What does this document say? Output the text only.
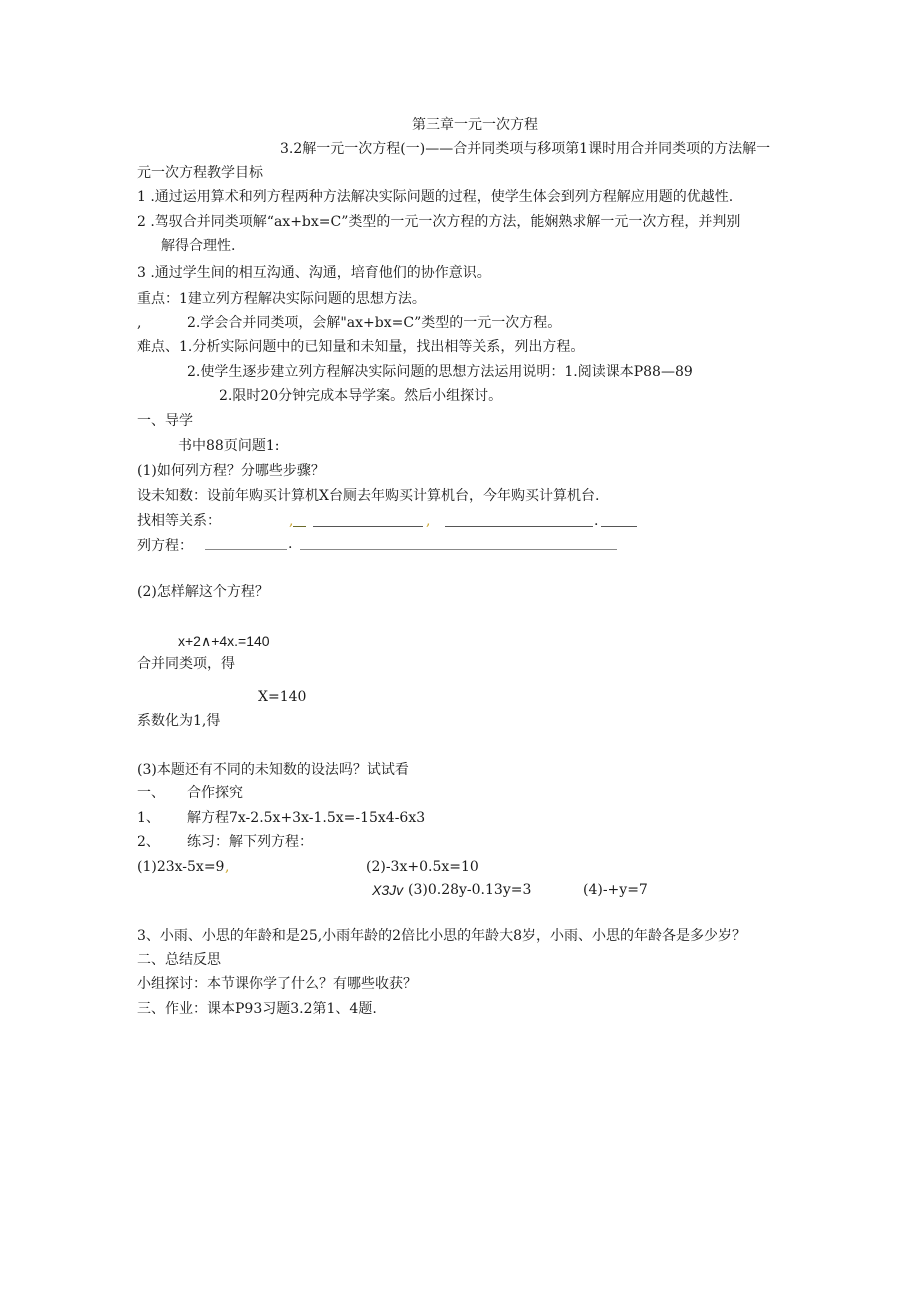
第三章一元一次方程
3.2解一元一次方程(一)——合并同类项与移项第1课时用合并同类项的方法解一
元一次方程教学目标
1 .通过运用算术和列方程两种方法解决实际问题的过程，使学生体会到列方程解应用题的优越性.
2 .驾驭合并同类项解“ax+bx=C”类型的一元一次方程的方法，能娴熟求解一元一次方程，并判别
解得合理性.
3 .通过学生间的相互沟通、沟通，培育他们的协作意识。
重点：1建立列方程解决实际问题的思想方法。
,	2.学会合并同类项，会解"ax+bx=C”类型的一元一次方程。
难点、1.分析实际问题中的已知量和未知量，找出相等关系，列出方程。
2.使学生逐步建立列方程解决实际问题的思想方法运用说明：1.阅读课本P88—89
2.限时20分钟完成本导学案。然后小组探讨。
一、导学
书中88页问题1:
(1)如何列方程？分哪些步骤？
设未知数：设前年购买计算机X台厕去年购买计算机台，今年购买计算机台.
找相等关系：	,	,	.
列方程：	.
(2)怎样解这个方程？
x+2∧+4x.=140
合并同类项，得
X=140
系数化为1,得
(3)本题还有不同的未知数的设法吗？试试看
一、 合作探究
1、 解方程7x-2.5x+3x-1.5x=-15x4-6x3
2、 练习：解下列方程：
(1)23x-5x=9 ,	(2)-3x+0.5x=10
X3Jv (3)0.28y-0.13y=3	(4)-+y=7
3、小雨、小思的年龄和是25,小雨年龄的2倍比小思的年龄大8岁，小雨、小思的年龄各是多少岁？
二、总结反思
小组探讨：本节课你学了什么？有哪些收获？
三、作业：课本P93习题3.2第1、4题.
